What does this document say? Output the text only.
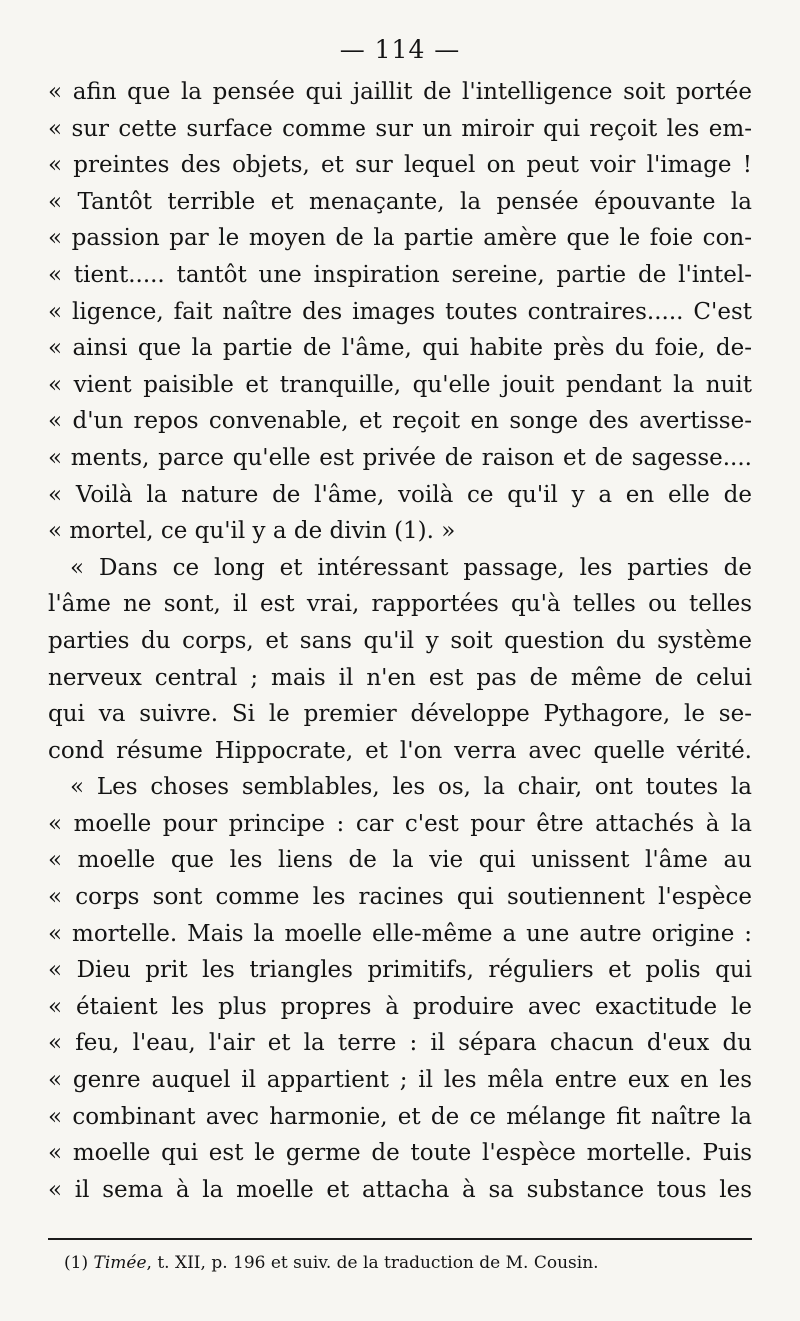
— 114 —
« afin que la pensée qui jaillit de l'intelligence soit portée
« sur cette surface comme sur un miroir qui reçoit les em-
« preintes des objets, et sur lequel on peut voir l'image !
« Tantôt terrible et menaçante, la pensée épouvante la
« passion par le moyen de la partie amère que le foie con-
« tient..... tantôt une inspiration sereine, partie de l'intel-
« ligence, fait naître des images toutes contraires..... C'est
« ainsi que la partie de l'âme, qui habite près du foie, de-
« vient paisible et tranquille, qu'elle jouit pendant la nuit
« d'un repos convenable, et reçoit en songe des avertisse-
« ments, parce qu'elle est privée de raison et de sagesse....
« Voilà la nature de l'âme, voilà ce qu'il y a en elle de
« mortel, ce qu'il y a de divin (1). »
« Dans ce long et intéressant passage, les parties de
l'âme ne sont, il est vrai, rapportées qu'à telles ou telles
parties du corps, et sans qu'il y soit question du système
nerveux central ; mais il n'en est pas de même de celui
qui va suivre. Si le premier développe Pythagore, le se-
cond résume Hippocrate, et l'on verra avec quelle vérité.
« Les choses semblables, les os, la chair, ont toutes la
« moelle pour principe : car c'est pour être attachés à la
« moelle que les liens de la vie qui unissent l'âme au
« corps sont comme les racines qui soutiennent l'espèce
« mortelle. Mais la moelle elle-même a une autre origine :
« Dieu prit les triangles primitifs, réguliers et polis qui
« étaient les plus propres à produire avec exactitude le
« feu, l'eau, l'air et la terre : il sépara chacun d'eux du
« genre auquel il appartient ; il les mêla entre eux en les
« combinant avec harmonie, et de ce mélange fit naître la
« moelle qui est le germe de toute l'espèce mortelle. Puis
« il sema à la moelle et attacha à sa substance tous les
(1) Timée, t. XII, p. 196 et suiv. de la traduction de M. Cousin.
